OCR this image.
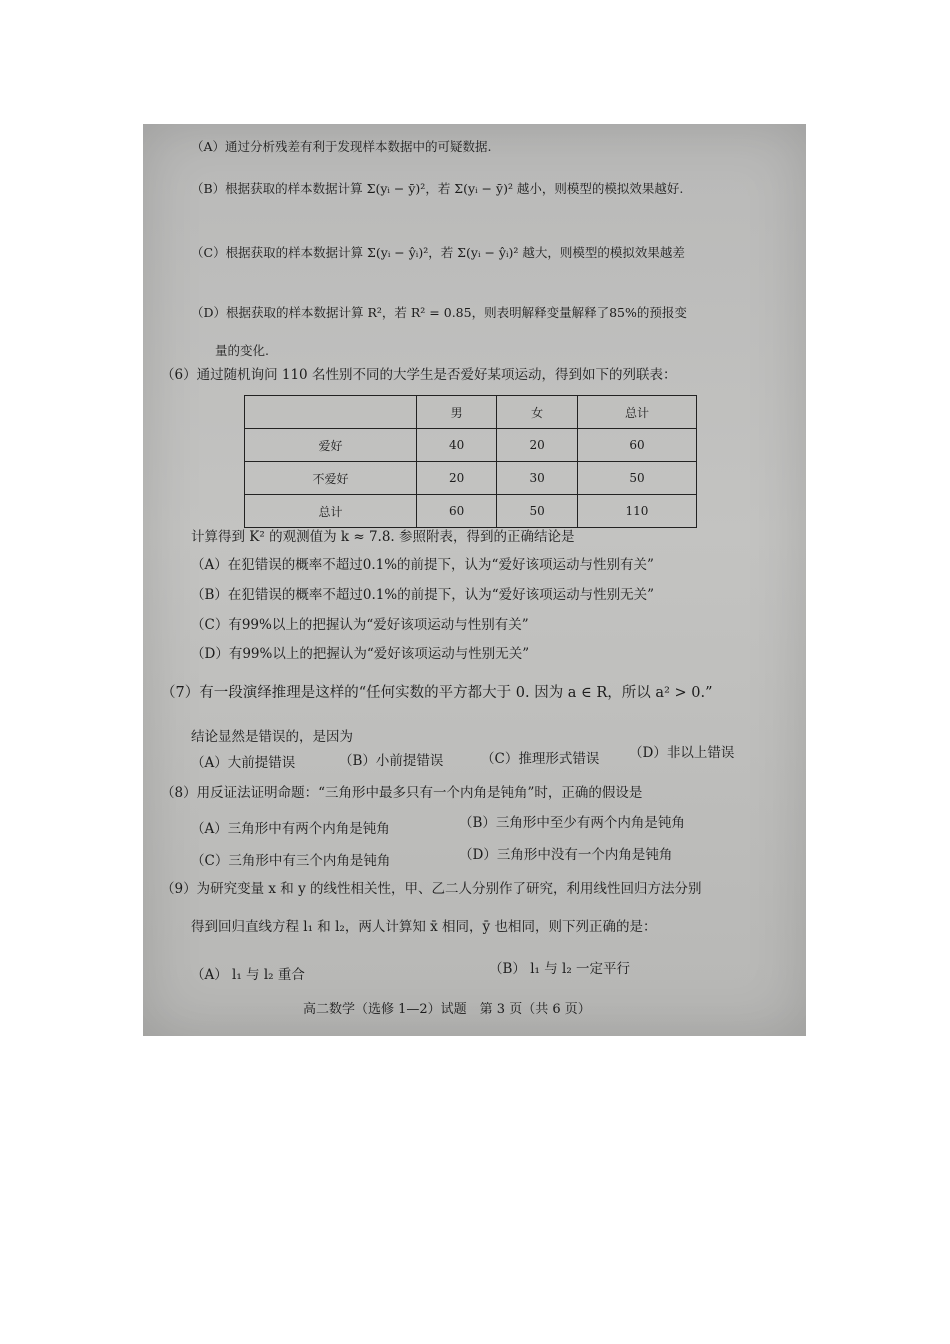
（A）通过分析残差有利于发现样本数据中的可疑数据.
（B）根据获取的样本数据计算 Σ(yᵢ − ȳ)²，若 Σ(yᵢ − ȳ)² 越小，则模型的模拟效果越好.
（C）根据获取的样本数据计算 Σ(yᵢ − ŷᵢ)²，若 Σ(yᵢ − ŷᵢ)² 越大，则模型的模拟效果越差
（D）根据获取的样本数据计算 R²，若 R² = 0.85，则表明解释变量解释了85%的预报变
量的变化.
（6）通过随机询问 110 名性别不同的大学生是否爱好某项运动，得到如下的列联表：
	男	女	总计
爱好	40	20	60
不爱好	20	30	50
总计	60	50	110
计算得到 K² 的观测值为 k ≈ 7.8. 参照附表，得到的正确结论是
（A）在犯错误的概率不超过0.1%的前提下，认为“爱好该项运动与性别有关”
（B）在犯错误的概率不超过0.1%的前提下，认为“爱好该项运动与性别无关”
（C）有99%以上的把握认为“爱好该项运动与性别有关”
（D）有99%以上的把握认为“爱好该项运动与性别无关”
（7）有一段演绎推理是这样的“任何实数的平方都大于 0. 因为 a ∈ R，所以 a² > 0.”
结论显然是错误的，是因为
（A）大前提错误	（B）小前提错误	（C）推理形式错误 （D）非以上错误
（8）用反证法证明命题：“三角形中最多只有一个内角是钝角”时，正确的假设是
（A）三角形中有两个内角是钝角	（B）三角形中至少有两个内角是钝角
（C）三角形中有三个内角是钝角	（D）三角形中没有一个内角是钝角
（9）为研究变量 x 和 y 的线性相关性，甲、乙二人分别作了研究，利用线性回归方法分别
得到回归直线方程 l₁ 和 l₂，两人计算知 x̄ 相同，ȳ 也相同，则下列正确的是：
（A） l₁ 与 l₂ 重合	（B） l₁ 与 l₂ 一定平行
高二数学（选修 1—2）试题　第 3 页（共 6 页）
